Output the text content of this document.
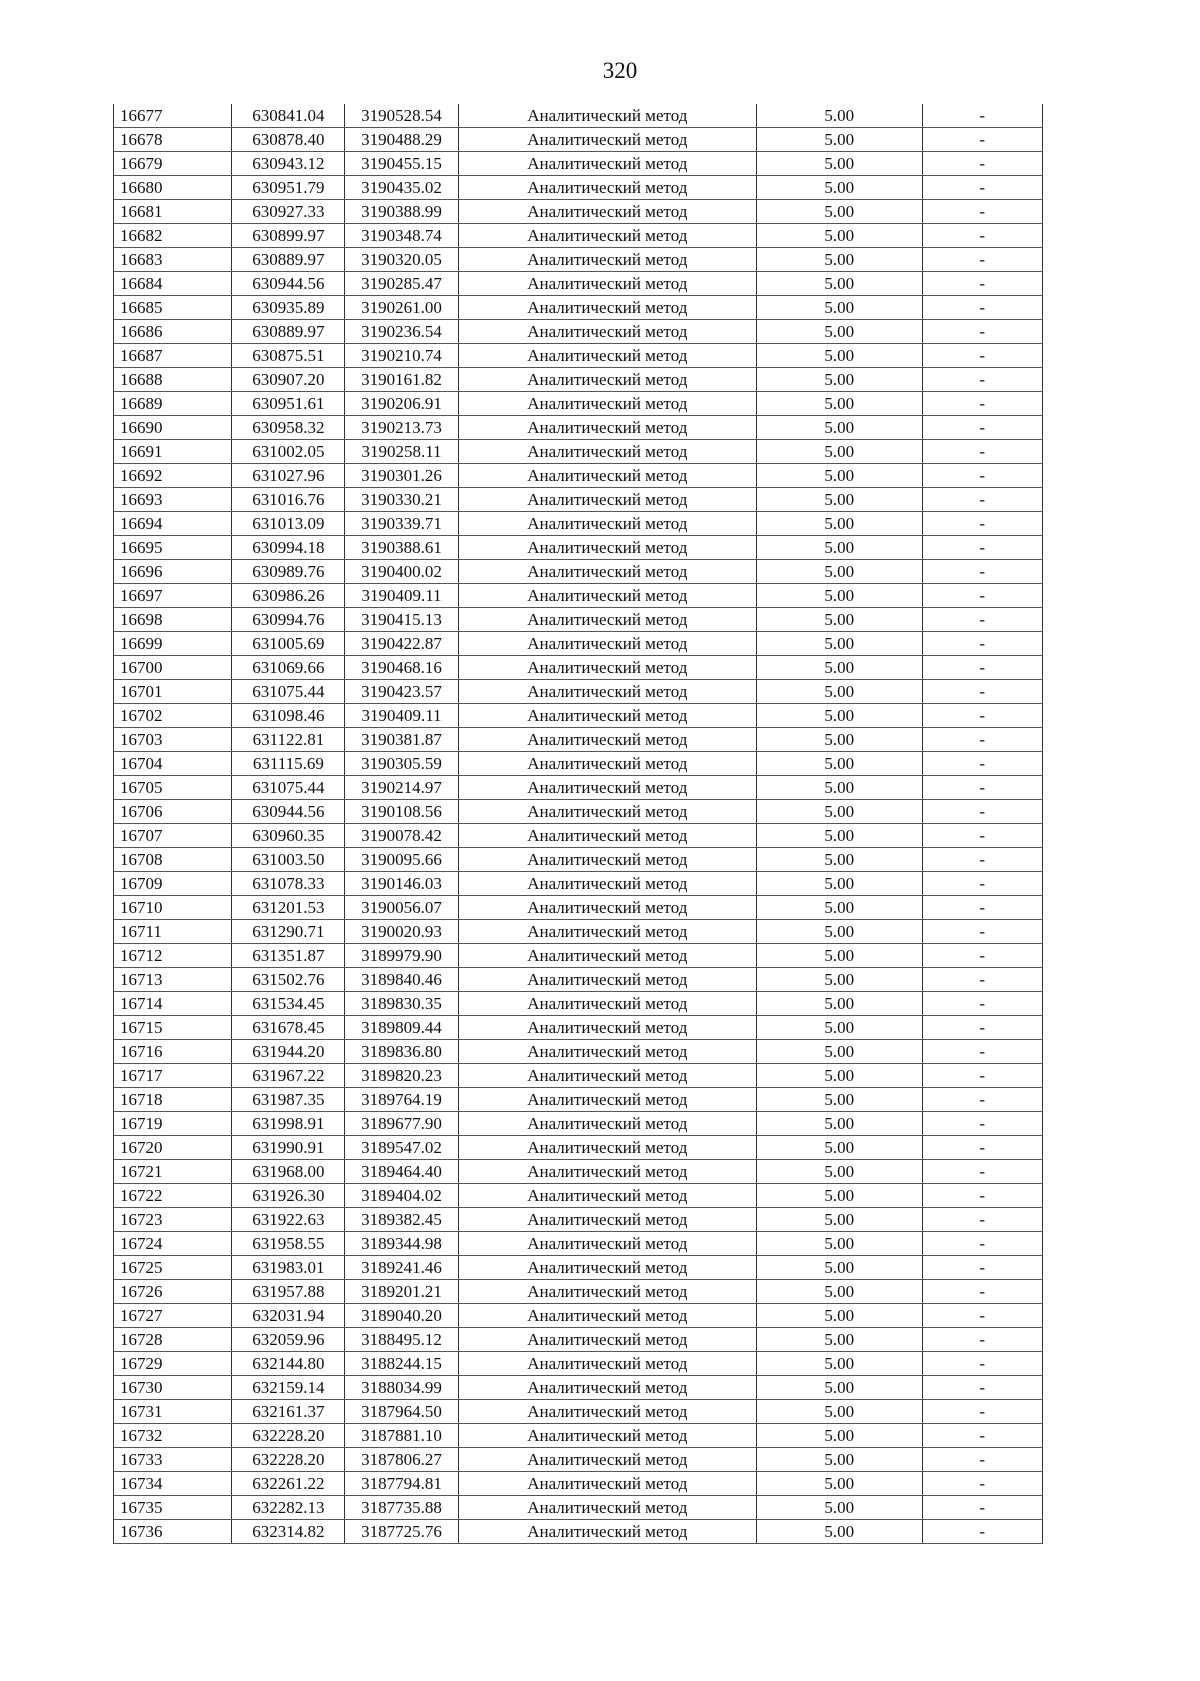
320
16677	630841.04	3190528.54	Аналитический метод	5.00	-
16678	630878.40	3190488.29	Аналитический метод	5.00	-
16679	630943.12	3190455.15	Аналитический метод	5.00	-
16680	630951.79	3190435.02	Аналитический метод	5.00	-
16681	630927.33	3190388.99	Аналитический метод	5.00	-
16682	630899.97	3190348.74	Аналитический метод	5.00	-
16683	630889.97	3190320.05	Аналитический метод	5.00	-
16684	630944.56	3190285.47	Аналитический метод	5.00	-
16685	630935.89	3190261.00	Аналитический метод	5.00	-
16686	630889.97	3190236.54	Аналитический метод	5.00	-
16687	630875.51	3190210.74	Аналитический метод	5.00	-
16688	630907.20	3190161.82	Аналитический метод	5.00	-
16689	630951.61	3190206.91	Аналитический метод	5.00	-
16690	630958.32	3190213.73	Аналитический метод	5.00	-
16691	631002.05	3190258.11	Аналитический метод	5.00	-
16692	631027.96	3190301.26	Аналитический метод	5.00	-
16693	631016.76	3190330.21	Аналитический метод	5.00	-
16694	631013.09	3190339.71	Аналитический метод	5.00	-
16695	630994.18	3190388.61	Аналитический метод	5.00	-
16696	630989.76	3190400.02	Аналитический метод	5.00	-
16697	630986.26	3190409.11	Аналитический метод	5.00	-
16698	630994.76	3190415.13	Аналитический метод	5.00	-
16699	631005.69	3190422.87	Аналитический метод	5.00	-
16700	631069.66	3190468.16	Аналитический метод	5.00	-
16701	631075.44	3190423.57	Аналитический метод	5.00	-
16702	631098.46	3190409.11	Аналитический метод	5.00	-
16703	631122.81	3190381.87	Аналитический метод	5.00	-
16704	631115.69	3190305.59	Аналитический метод	5.00	-
16705	631075.44	3190214.97	Аналитический метод	5.00	-
16706	630944.56	3190108.56	Аналитический метод	5.00	-
16707	630960.35	3190078.42	Аналитический метод	5.00	-
16708	631003.50	3190095.66	Аналитический метод	5.00	-
16709	631078.33	3190146.03	Аналитический метод	5.00	-
16710	631201.53	3190056.07	Аналитический метод	5.00	-
16711	631290.71	3190020.93	Аналитический метод	5.00	-
16712	631351.87	3189979.90	Аналитический метод	5.00	-
16713	631502.76	3189840.46	Аналитический метод	5.00	-
16714	631534.45	3189830.35	Аналитический метод	5.00	-
16715	631678.45	3189809.44	Аналитический метод	5.00	-
16716	631944.20	3189836.80	Аналитический метод	5.00	-
16717	631967.22	3189820.23	Аналитический метод	5.00	-
16718	631987.35	3189764.19	Аналитический метод	5.00	-
16719	631998.91	3189677.90	Аналитический метод	5.00	-
16720	631990.91	3189547.02	Аналитический метод	5.00	-
16721	631968.00	3189464.40	Аналитический метод	5.00	-
16722	631926.30	3189404.02	Аналитический метод	5.00	-
16723	631922.63	3189382.45	Аналитический метод	5.00	-
16724	631958.55	3189344.98	Аналитический метод	5.00	-
16725	631983.01	3189241.46	Аналитический метод	5.00	-
16726	631957.88	3189201.21	Аналитический метод	5.00	-
16727	632031.94	3189040.20	Аналитический метод	5.00	-
16728	632059.96	3188495.12	Аналитический метод	5.00	-
16729	632144.80	3188244.15	Аналитический метод	5.00	-
16730	632159.14	3188034.99	Аналитический метод	5.00	-
16731	632161.37	3187964.50	Аналитический метод	5.00	-
16732	632228.20	3187881.10	Аналитический метод	5.00	-
16733	632228.20	3187806.27	Аналитический метод	5.00	-
16734	632261.22	3187794.81	Аналитический метод	5.00	-
16735	632282.13	3187735.88	Аналитический метод	5.00	-
16736	632314.82	3187725.76	Аналитический метод	5.00	-
